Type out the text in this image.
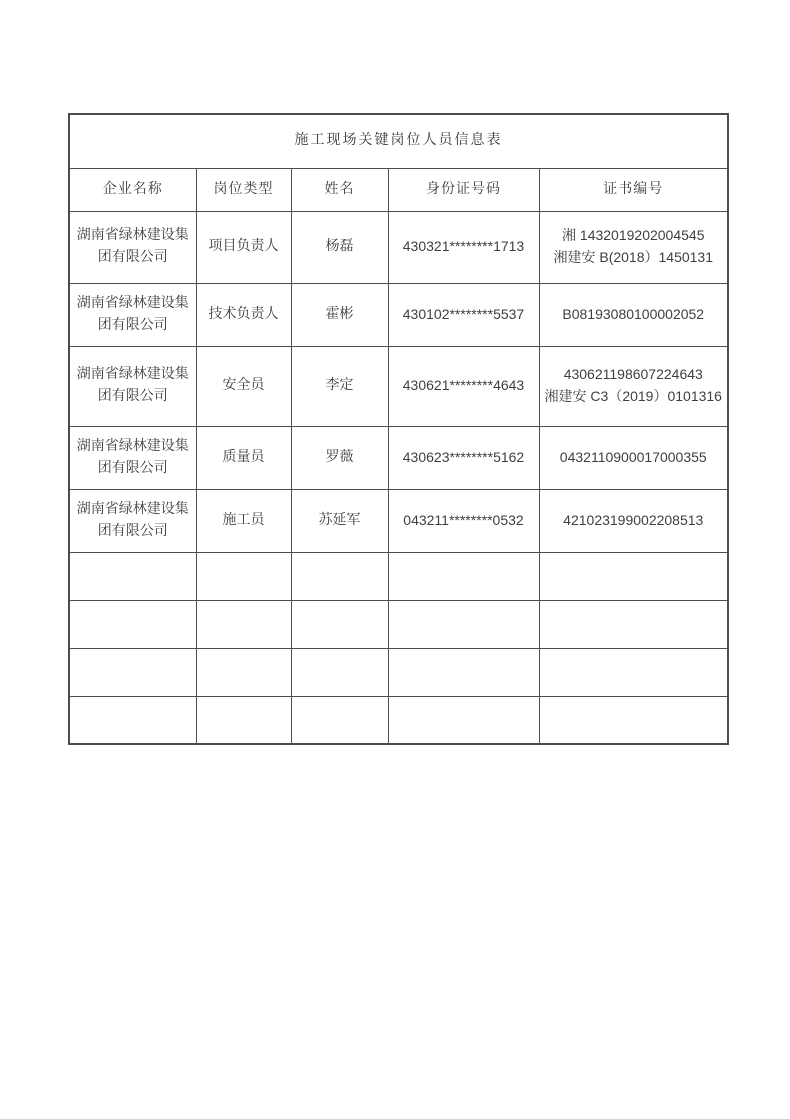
施工现场关键岗位人员信息表				
企业名称	岗位类型	姓名	身份证号码	证书编号
湖南省绿林建设集团有限公司	项目负责人	杨磊	430321********1713	湘 1432019202004545
湘建安 B(2018）1450131

湖南省绿林建设集团有限公司	技术负责人	霍彬	430102********5537	B08193080100002052

湖南省绿林建设集团有限公司	安全员	李定	430621********4643	430621198607224643
湘建安 C3（2019）0101316

湖南省绿林建设集团有限公司	质量员	罗薇	430623********5162	0432110900017000355

湖南省绿林建设集团有限公司	施工员	苏延军	043211********0532	421023199002208513
